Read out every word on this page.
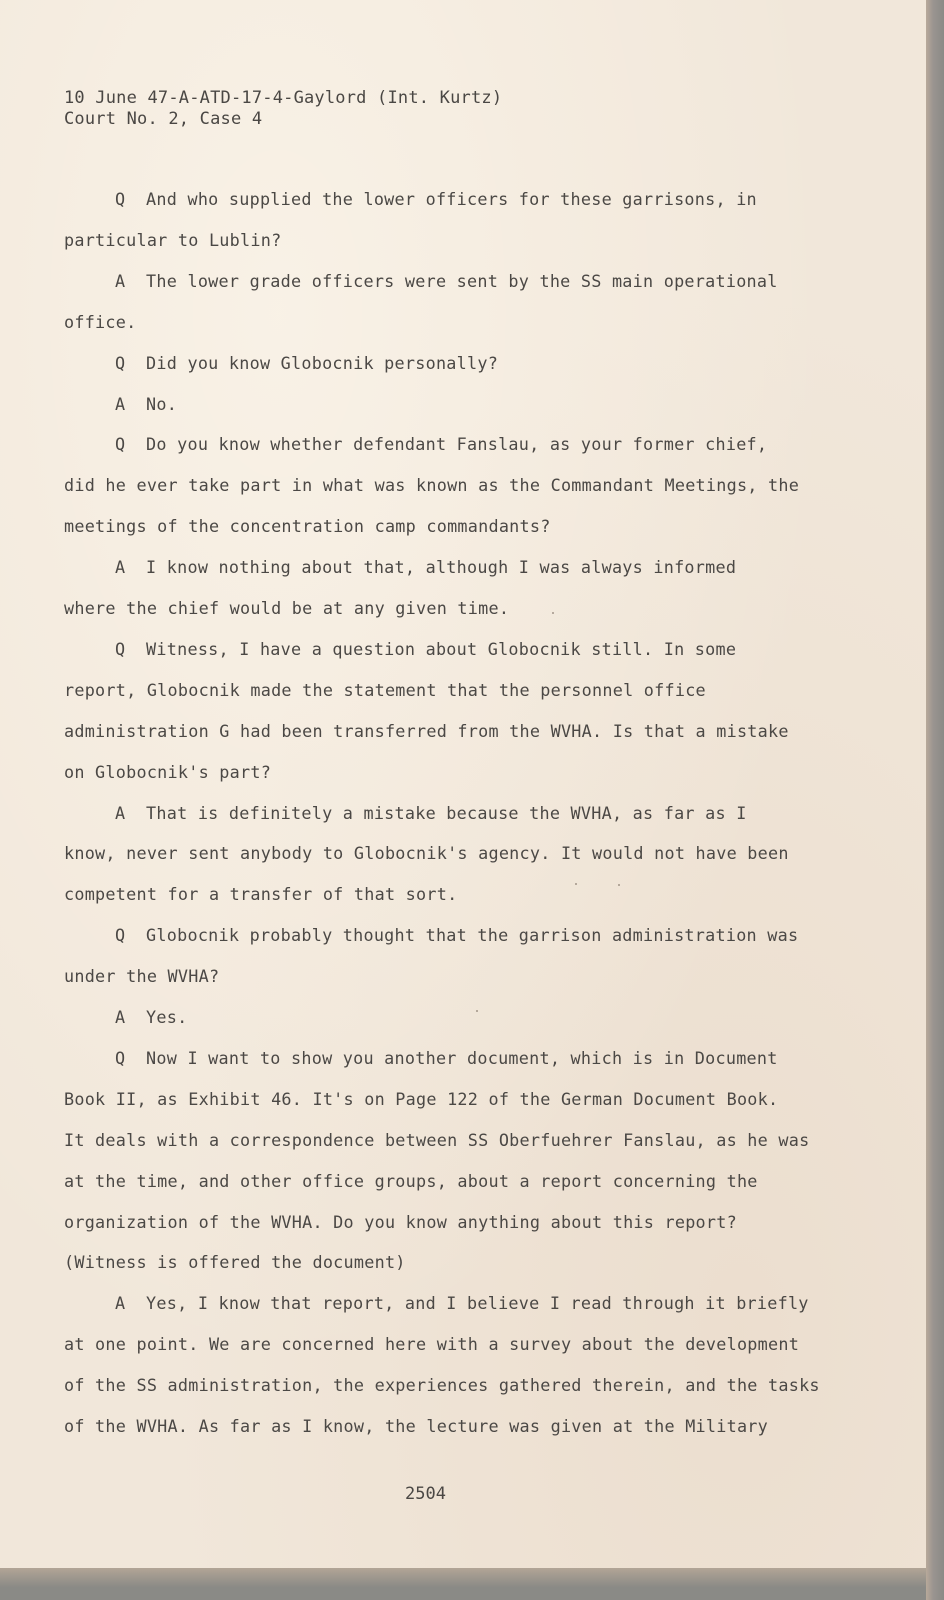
10 June 47-A-ATD-17-4-Gaylord (Int. Kurtz)
Court No. 2, Case 4
Q  And who supplied the lower officers for these garrisons, in
particular to Lublin?
A  The lower grade officers were sent by the SS main operational
office.
Q  Did you know Globocnik personally?
A  No.
Q  Do you know whether defendant Fanslau, as your former chief,
did he ever take part in what was known as the Commandant Meetings, the
meetings of the concentration camp commandants?
A  I know nothing about that, although I was always informed
where the chief would be at any given time.
Q  Witness, I have a question about Globocnik still. In some
report, Globocnik made the statement that the personnel office
administration G had been transferred from the WVHA. Is that a mistake
on Globocnik's part?
A  That is definitely a mistake because the WVHA, as far as I
know, never sent anybody to Globocnik's agency. It would not have been
competent for a transfer of that sort.
Q  Globocnik probably thought that the garrison administration was
under the WVHA?
A  Yes.
Q  Now I want to show you another document, which is in Document
Book II, as Exhibit 46. It's on Page 122 of the German Document Book.
It deals with a correspondence between SS Oberfuehrer Fanslau, as he was
at the time, and other office groups, about a report concerning the
organization of the WVHA. Do you know anything about this report?
(Witness is offered the document)
A  Yes, I know that report, and I believe I read through it briefly
at one point. We are concerned here with a survey about the development
of the SS administration, the experiences gathered therein, and the tasks
of the WVHA. As far as I know, the lecture was given at the Military
2504
